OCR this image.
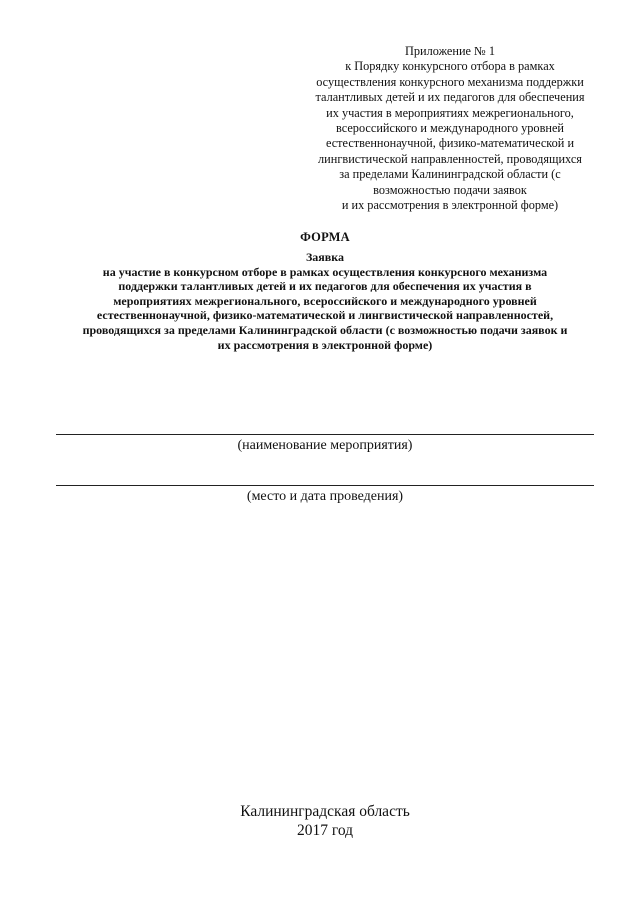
Приложение № 1
к Порядку конкурсного отбора в рамках
осуществления конкурсного механизма поддержки
талантливых детей и их педагогов для обеспечения
их участия в мероприятиях межрегионального,
всероссийского и международного уровней
естественнонаучной, физико-математической и
лингвистической направленностей, проводящихся
за пределами Калининградской области (с
возможностью подачи заявок
и их рассмотрения в электронной форме)
ФОРМА
Заявка
на участие в конкурсном отборе в рамках осуществления конкурсного механизма
поддержки талантливых детей и их педагогов для обеспечения их участия в
мероприятиях межрегионального, всероссийского и международного уровней
естественнонаучной, физико-математической и лингвистической направленностей,
проводящихся за пределами Калининградской области (с возможностью подачи заявок и
их рассмотрения в электронной форме)
(наименование мероприятия)
(место и дата проведения)
Калининградская область
2017 год
